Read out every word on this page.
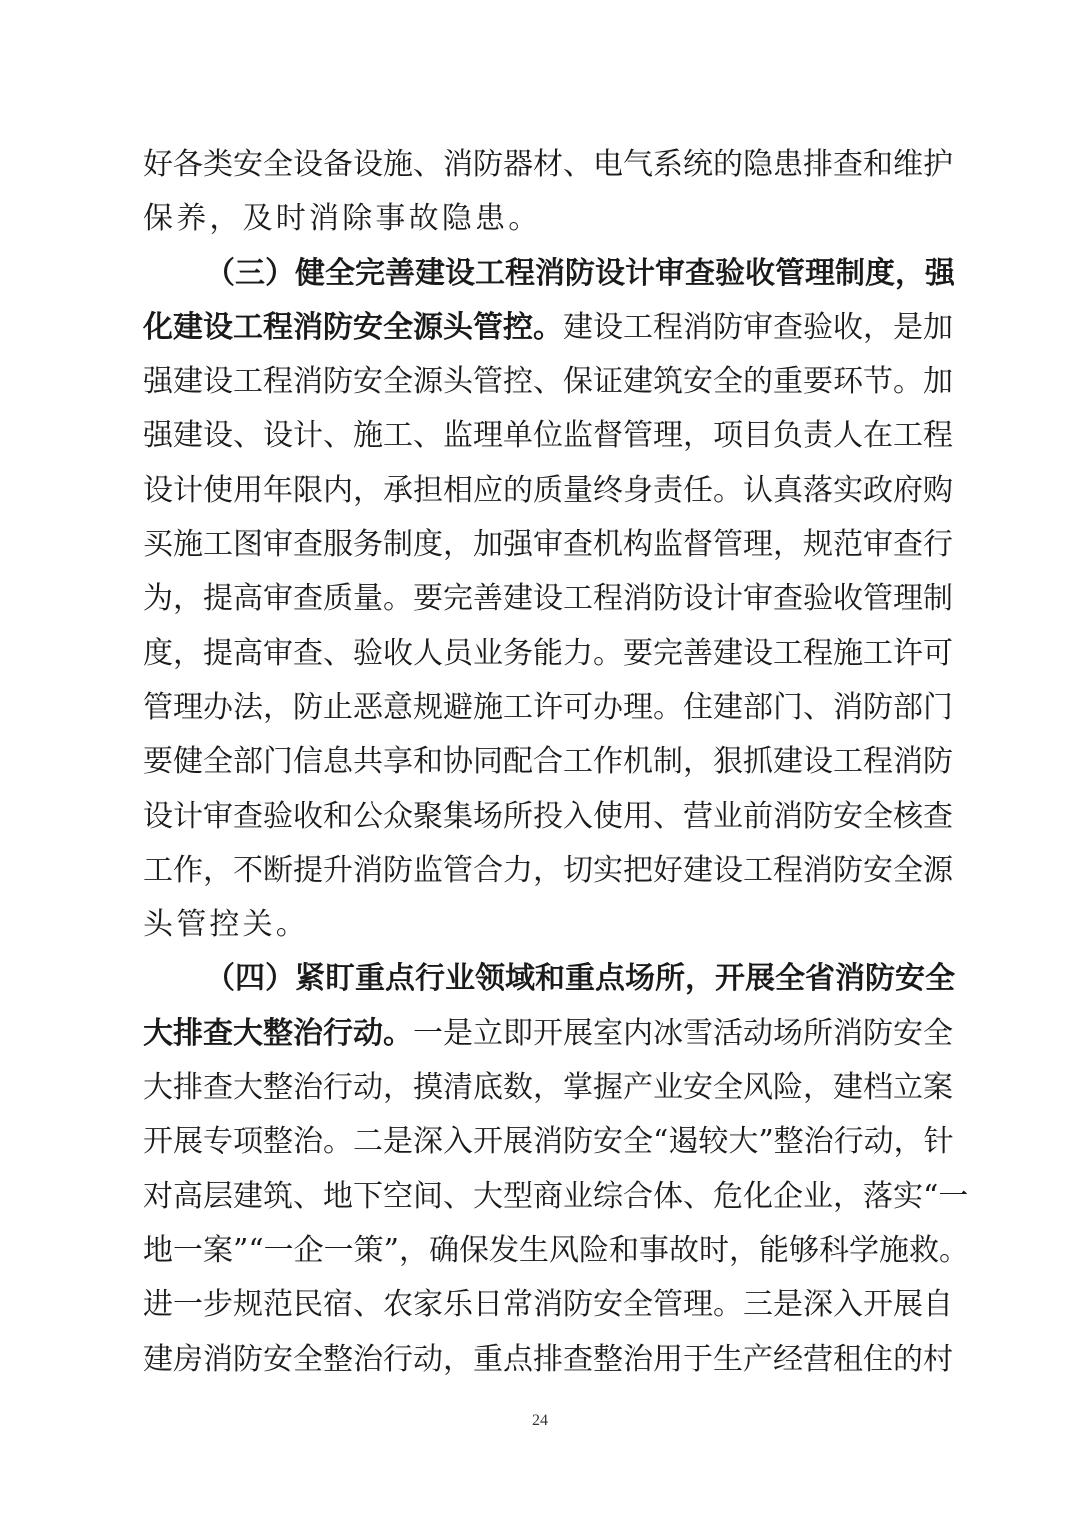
好各类安全设备设施、消防器材、电气系统的隐患排查和维护
保养，及时消除事故隐患。
（三）健全完善建设工程消防设计审查验收管理制度，强
化建设工程消防安全源头管控。建设工程消防审查验收，是加
强建设工程消防安全源头管控、保证建筑安全的重要环节。加
强建设、设计、施工、监理单位监督管理，项目负责人在工程
设计使用年限内，承担相应的质量终身责任。认真落实政府购
买施工图审查服务制度，加强审查机构监督管理，规范审查行
为，提高审查质量。要完善建设工程消防设计审查验收管理制
度，提高审查、验收人员业务能力。要完善建设工程施工许可
管理办法，防止恶意规避施工许可办理。住建部门、消防部门
要健全部门信息共享和协同配合工作机制，狠抓建设工程消防
设计审查验收和公众聚集场所投入使用、营业前消防安全核查
工作，不断提升消防监管合力，切实把好建设工程消防安全源
头管控关。
（四）紧盯重点行业领域和重点场所，开展全省消防安全
大排查大整治行动。一是立即开展室内冰雪活动场所消防安全
大排查大整治行动，摸清底数，掌握产业安全风险，建档立案
开展专项整治。二是深入开展消防安全“遏较大”整治行动，针
对高层建筑、地下空间、大型商业综合体、危化企业，落实“一
地一案”“一企一策”，确保发生风险和事故时，能够科学施救。
进一步规范民宿、农家乐日常消防安全管理。三是深入开展自
建房消防安全整治行动，重点排查整治用于生产经营租住的村
24
